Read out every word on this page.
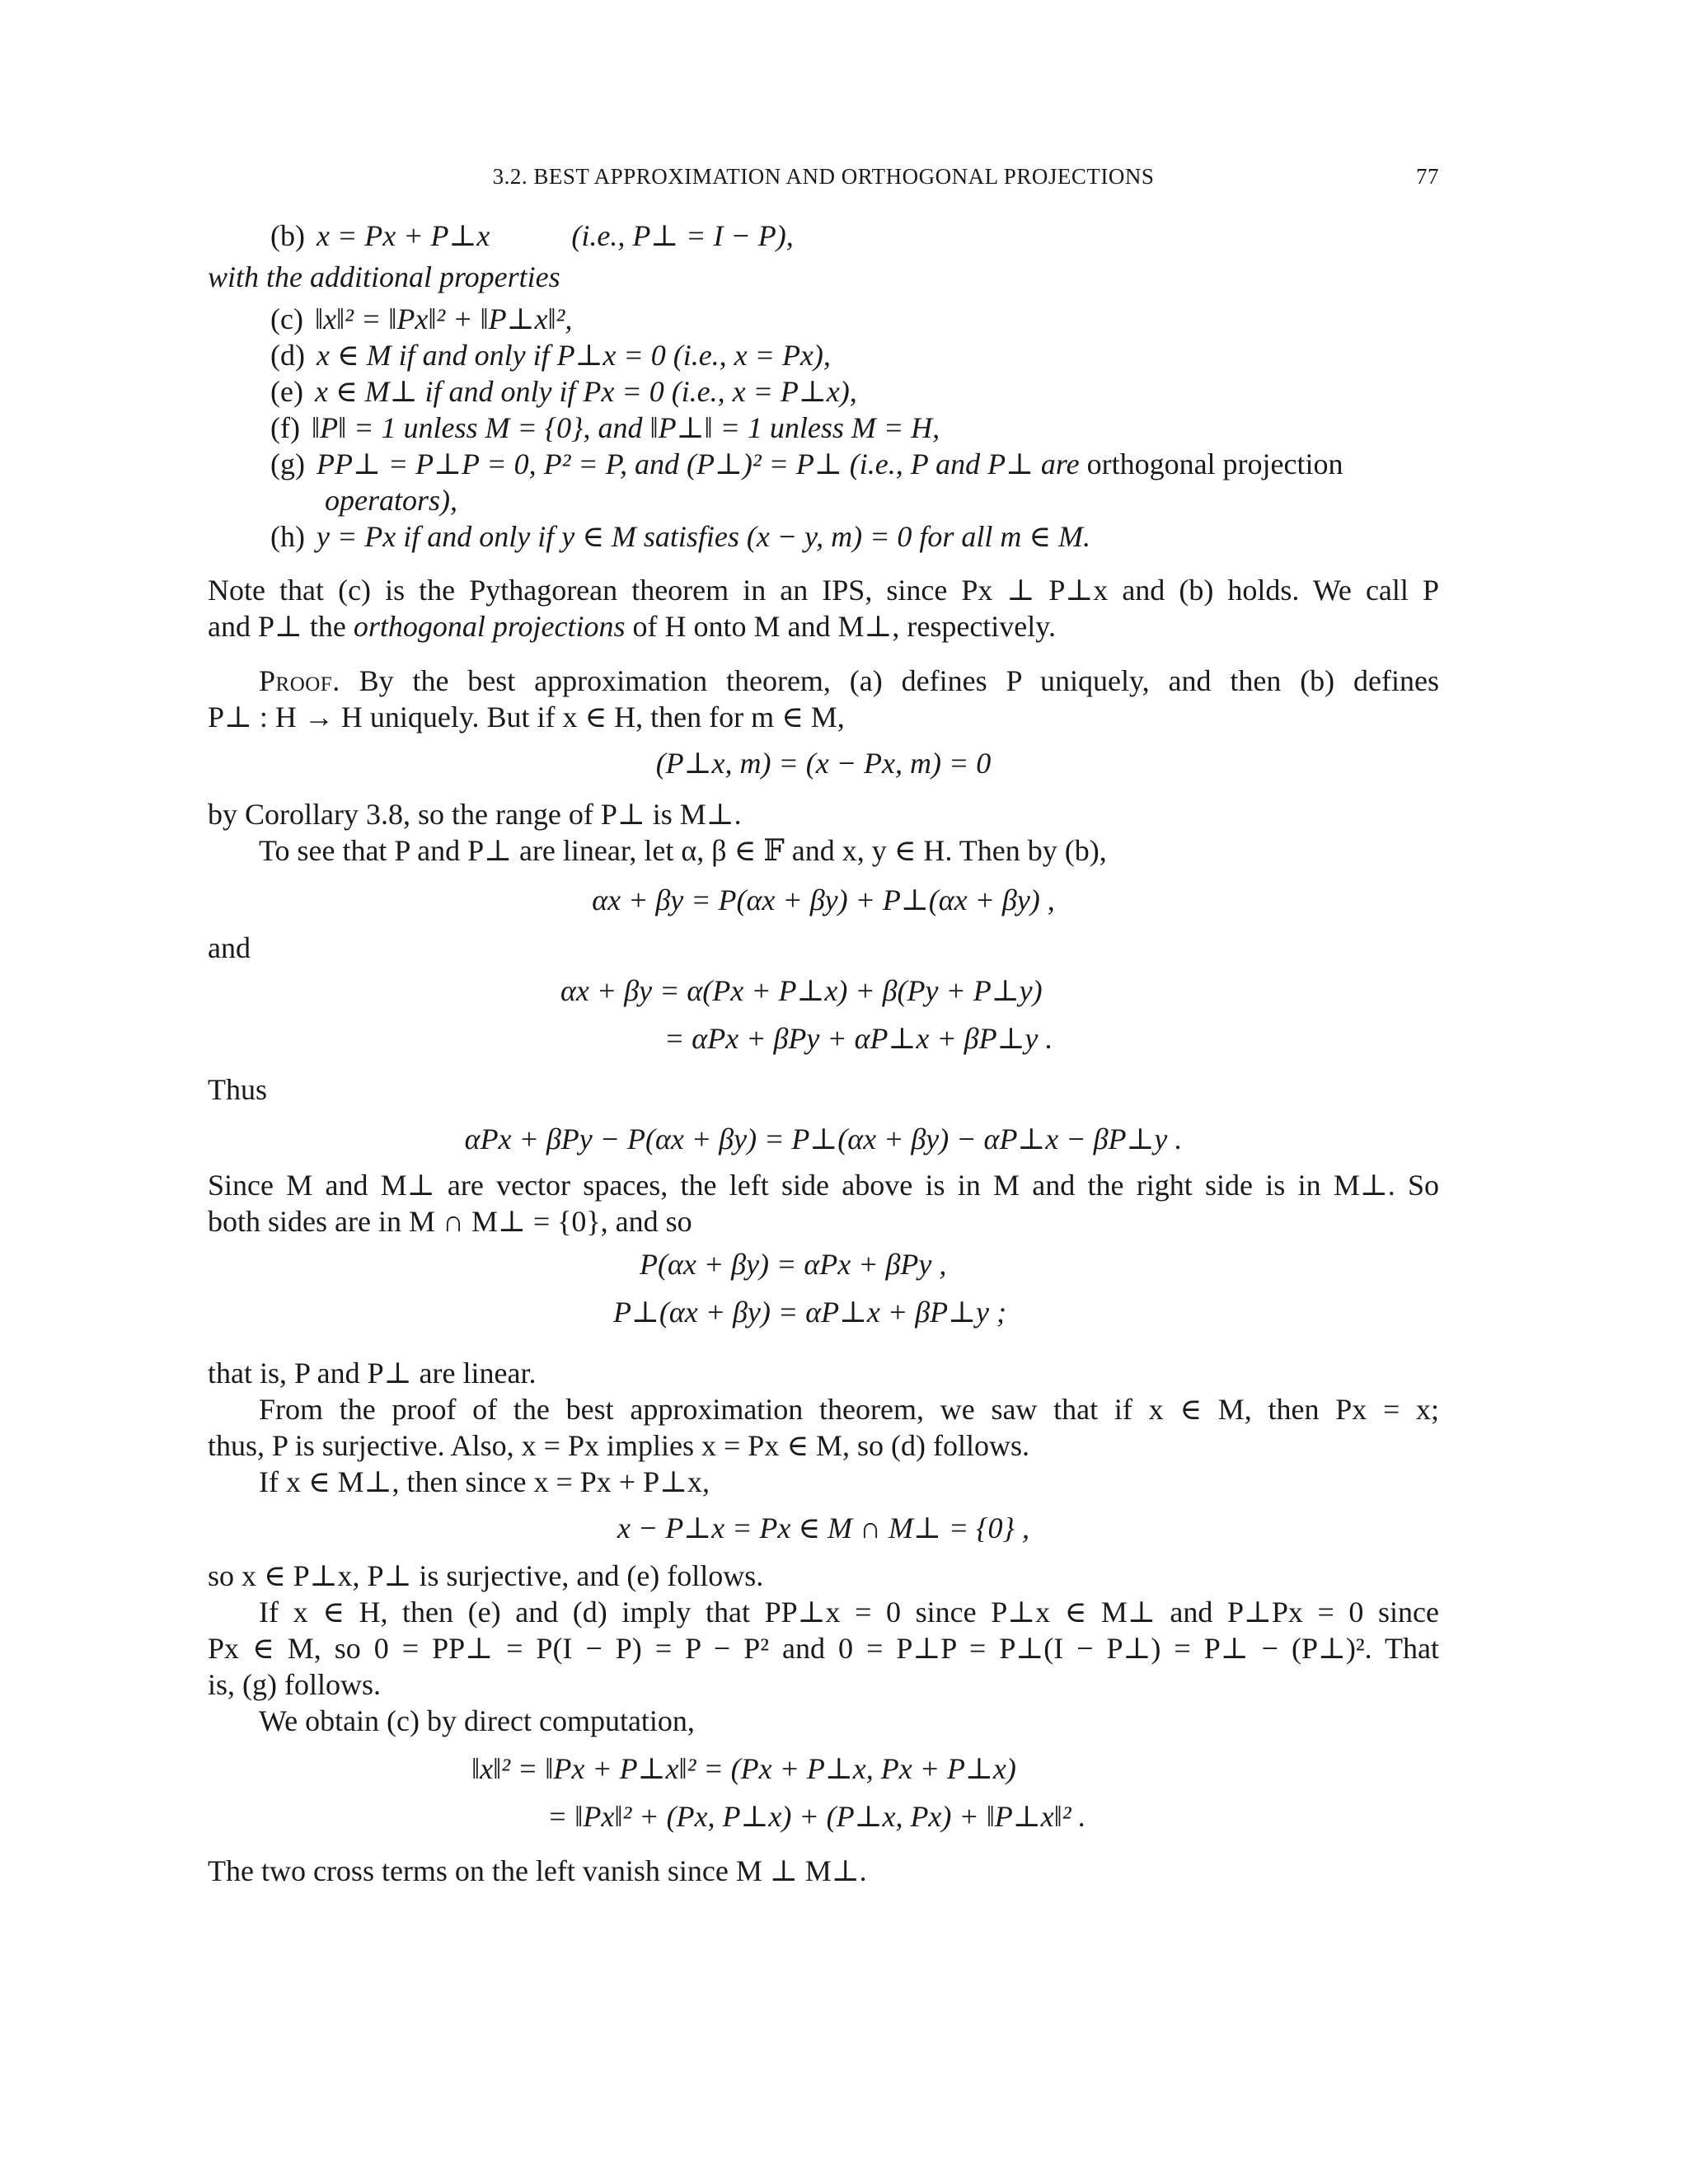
3.2. BEST APPROXIMATION AND ORTHOGONAL PROJECTIONS	77
(b) x = Px + P⊥x	(i.e., P⊥ = I − P),
with the additional properties
(c) ‖x‖² = ‖Px‖² + ‖P⊥x‖²,
(d) x ∈ M if and only if P⊥x = 0 (i.e., x = Px),
(e) x ∈ M⊥ if and only if Px = 0 (i.e., x = P⊥x),
(f) ‖P‖ = 1 unless M = {0}, and ‖P⊥‖ = 1 unless M = H,
(g) PP⊥ = P⊥P = 0, P² = P, and (P⊥)² = P⊥ (i.e., P and P⊥ are orthogonal projection
operators),
(h) y = Px if and only if y ∈ M satisfies (x − y, m) = 0 for all m ∈ M.
Note that (c) is the Pythagorean theorem in an IPS, since Px ⊥ P⊥x and (b) holds. We call P
and P⊥ the orthogonal projections of H onto M and M⊥, respectively.
Proof. By the best approximation theorem, (a) defines P uniquely, and then (b) defines
P⊥ : H → H uniquely. But if x ∈ H, then for m ∈ M,
(P⊥x, m) = (x − Px, m) = 0
by Corollary 3.8, so the range of P⊥ is M⊥.
To see that P and P⊥ are linear, let α, β ∈ 𝔽 and x, y ∈ H. Then by (b),
αx + βy = P(αx + βy) + P⊥(αx + βy) ,
and
αx + βy = α(Px + P⊥x) + β(Py + P⊥y)
= αPx + βPy + αP⊥x + βP⊥y .
Thus
αPx + βPy − P(αx + βy) = P⊥(αx + βy) − αP⊥x − βP⊥y .
Since M and M⊥ are vector spaces, the left side above is in M and the right side is in M⊥. So
both sides are in M ∩ M⊥ = {0}, and so
P(αx + βy) = αPx + βPy ,
P⊥(αx + βy) = αP⊥x + βP⊥y ;
that is, P and P⊥ are linear.
From the proof of the best approximation theorem, we saw that if x ∈ M, then Px = x;
thus, P is surjective. Also, x = Px implies x = Px ∈ M, so (d) follows.
If x ∈ M⊥, then since x = Px + P⊥x,
x − P⊥x = Px ∈ M ∩ M⊥ = {0} ,
so x ∈ P⊥x, P⊥ is surjective, and (e) follows.
If x ∈ H, then (e) and (d) imply that PP⊥x = 0 since P⊥x ∈ M⊥ and P⊥Px = 0 since
Px ∈ M, so 0 = PP⊥ = P(I − P) = P − P² and 0 = P⊥P = P⊥(I − P⊥) = P⊥ − (P⊥)². That
is, (g) follows.
We obtain (c) by direct computation,
‖x‖² = ‖Px + P⊥x‖² = (Px + P⊥x, Px + P⊥x)
= ‖Px‖² + (Px, P⊥x) + (P⊥x, Px) + ‖P⊥x‖² .
The two cross terms on the left vanish since M ⊥ M⊥.
